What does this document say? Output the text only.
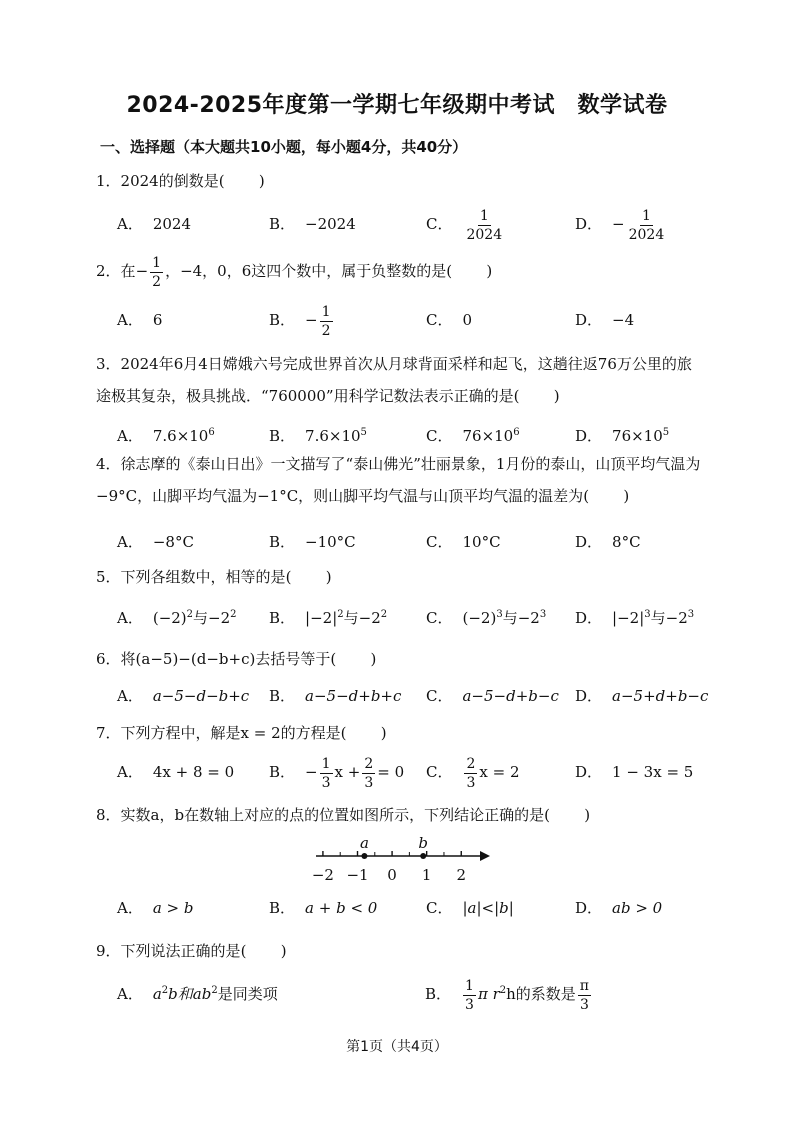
2024-2025年度第一学期七年级期中考试　数学试卷
一、选择题（本大题共10小题，每小题4分，共40分）
1．2024的倒数是( )
A． 2024	B． −2024	C． $\frac{1}{2024}$	D． − $\frac{1}{2024}$
2．在− $\frac{1}{2}$ ，−4，0，6这四个数中，属于负整数的是( )
A． 6	B． − $\frac{1}{2}$	C． 0	D． −4
3．2024年6月4日嫦娥六号完成世界首次从月球背面采样和起飞，这趟往返76万公里的旅途极其复杂，极具挑战．“760000”用科学记数法表示正确的是( )
A． $7.6\times 10^6$	B． $7.6\times 10^5$	C． $76\times 10^6$	D． $76\times 10^5$
4．徐志摩的《泰山日出》一文描写了“泰山佛光”壮丽景象，1月份的泰山，山顶平均气温为−9°C，山脚平均气温为−1°C，则山脚平均气温与山顶平均气温的温差为( )
A． −8°C	B． −10°C	C． 10°C	D． 8°C
5．下列各组数中，相等的是( )
A． $(-2)^2$与$-2^2$ B． $|-2|^2$与$-2^2$	C． $(-2)^3$与$-2^3$ D． $|-2|^3$与$-2^3$
6．将(a−5)−(d−b+c)去括号等于( )
A． a−5−d−b+c B． a−5−d+b+c C． a−5−d+b−c D． a−5+d+b−c
7．下列方程中，解是x = 2的方程是( )
A． 4x + 8 = 0 B． − $\frac{1}{3}$ $x + \frac{2}{3} = 0$ C． $\frac{2}{3}$ x = 2	D． 1 − 3x = 5
8．实数a，b在数轴上对应的点的位置如图所示，下列结论正确的是( )
−2 −1 0 1 2
a	b
A． a > b	B． a + b < 0	C． |a|<|b|	D． ab > 0
9．下列说法正确的是( )
A． $a^2b$和$ab^2$是同类项	B． $\frac{1}{3}$ π $r^2h$的系数是 $\frac{\pi}{3}$
第1页（共4页）
